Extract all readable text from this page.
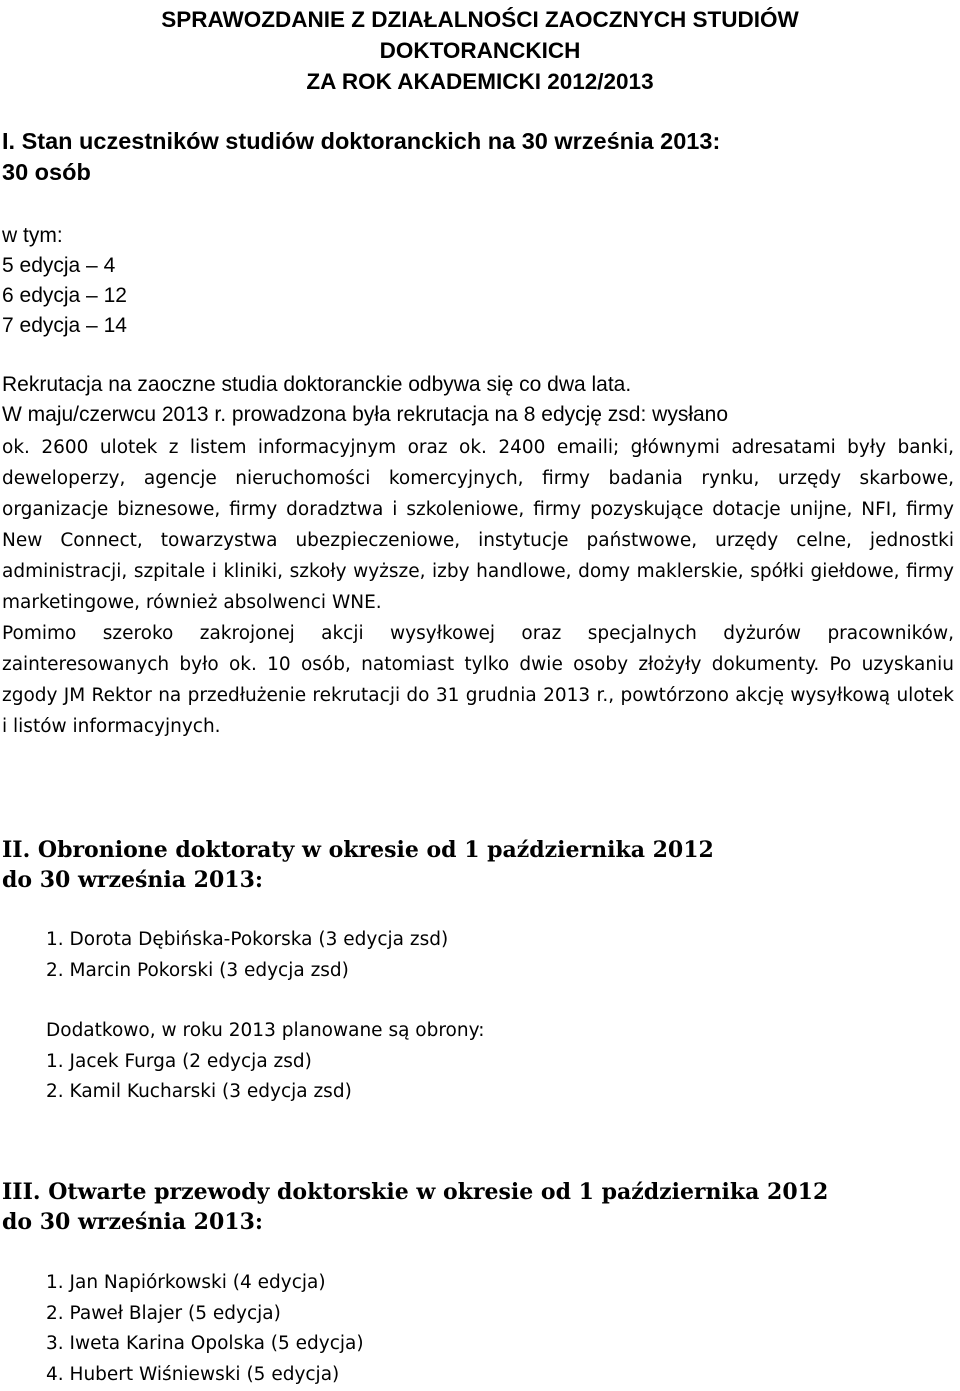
SPRAWOZDANIE Z DZIAŁALNOŚCI ZAOCZNYCH STUDIÓW
DOKTORANCKICH
ZA ROK AKADEMICKI 2012/2013
I. Stan uczestników studiów doktoranckich na 30 września 2013:
30 osób
w tym:
5 edycja – 4
6 edycja – 12
7 edycja – 14
Rekrutacja na zaoczne studia doktoranckie odbywa się co dwa lata.
W maju/czerwcu 2013 r. prowadzona była rekrutacja na 8 edycję zsd: wysłano

ok. 2600 ulotek z listem informacyjnym oraz ok. 2400 emaili; głównymi adresatami były banki, deweloperzy, agencje nieruchomości komercyjnych, firmy badania rynku, urzędy skarbowe, organizacje biznesowe, firmy doradztwa i szkoleniowe, firmy pozyskujące dotacje unijne, NFI, firmy New Connect, towarzystwa ubezpieczeniowe, instytucje państwowe, urzędy celne, jednostki administracji, szpitale i kliniki, szkoły wyższe, izby handlowe, domy maklerskie, spółki giełdowe, firmy marketingowe, również absolwenci WNE.

Pomimo szeroko zakrojonej akcji wysyłkowej oraz specjalnych dyżurów pracowników, zainteresowanych było ok. 10 osób, natomiast tylko dwie osoby złożyły dokumenty. Po uzyskaniu zgody JM Rektor na przedłużenie rekrutacji do 31 grudnia 2013 r., powtórzono akcję wysyłkową ulotek i listów informacyjnych.

II. Obronione doktoraty w okresie od 1 października 2012
do 30 września 2013:
1. Dorota Dębińska-Pokorska (3 edycja zsd)
2. Marcin Pokorski (3 edycja zsd)
Dodatkowo, w roku 2013 planowane są obrony:
1. Jacek Furga (2 edycja zsd)
2. Kamil Kucharski (3 edycja zsd)
III. Otwarte przewody doktorskie w okresie od 1 października 2012
do 30 września 2013:
1. Jan Napiórkowski (4 edycja)
2. Paweł Blajer (5 edycja)
3. Iweta Karina Opolska (5 edycja)
4. Hubert Wiśniewski (5 edycja)
